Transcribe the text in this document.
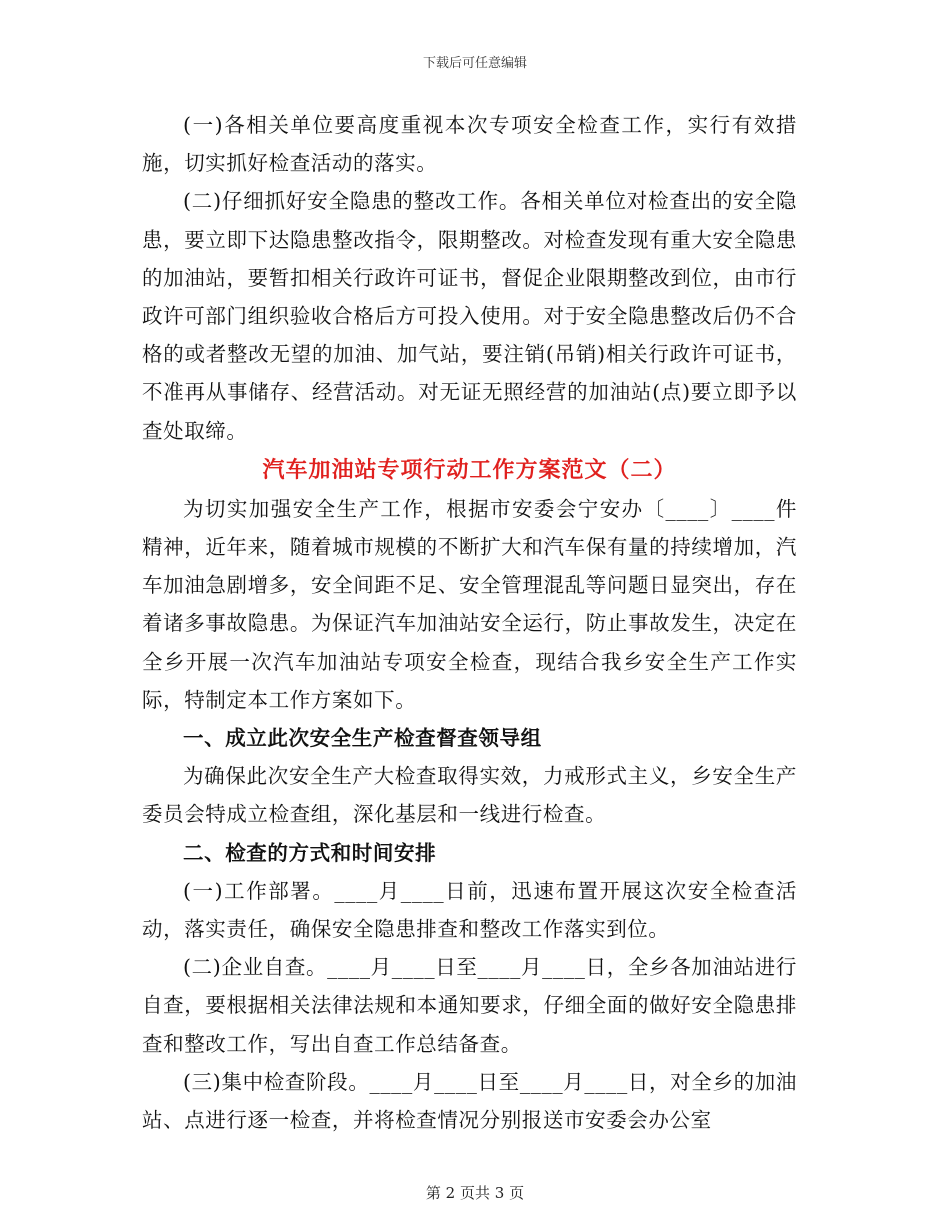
下载后可任意编辑

(一)各相关单位要高度重视本次专项安全检查工作，实行有效措施，切实抓好检查活动的落实。

(二)仔细抓好安全隐患的整改工作。各相关单位对检查出的安全隐患，要立即下达隐患整改指令，限期整改。对检查发现有重大安全隐患的加油站，要暂扣相关行政许可证书，督促企业限期整改到位，由市行政许可部门组织验收合格后方可投入使用。对于安全隐患整改后仍不合格的或者整改无望的加油、加气站，要注销(吊销)相关行政许可证书，不准再从事储存、经营活动。对无证无照经营的加油站(点)要立即予以查处取缔。

汽车加油站专项行动工作方案范文（二）

为切实加强安全生产工作，根据市安委会宁安办〔____〕____件精神，近年来，随着城市规模的不断扩大和汽车保有量的持续增加，汽车加油急剧增多，安全间距不足、安全管理混乱等问题日显突出，存在着诸多事故隐患。为保证汽车加油站安全运行，防止事故发生，决定在全乡开展一次汽车加油站专项安全检查，现结合我乡安全生产工作实际，特制定本工作方案如下。

一、成立此次安全生产检查督查领导组

为确保此次安全生产大检查取得实效，力戒形式主义，乡安全生产委员会特成立检查组，深化基层和一线进行检查。

二、检查的方式和时间安排

(一)工作部署。____月____日前，迅速布置开展这次安全检查活动，落实责任，确保安全隐患排查和整改工作落实到位。

(二)企业自查。____月____日至____月____日，全乡各加油站进行自查，要根据相关法律法规和本通知要求，仔细全面的做好安全隐患排查和整改工作，写出自查工作总结备查。

(三)集中检查阶段。____月____日至____月____日，对全乡的加油站、点进行逐一检查，并将检查情况分别报送市安委会办公室

第 2 页共 3 页
